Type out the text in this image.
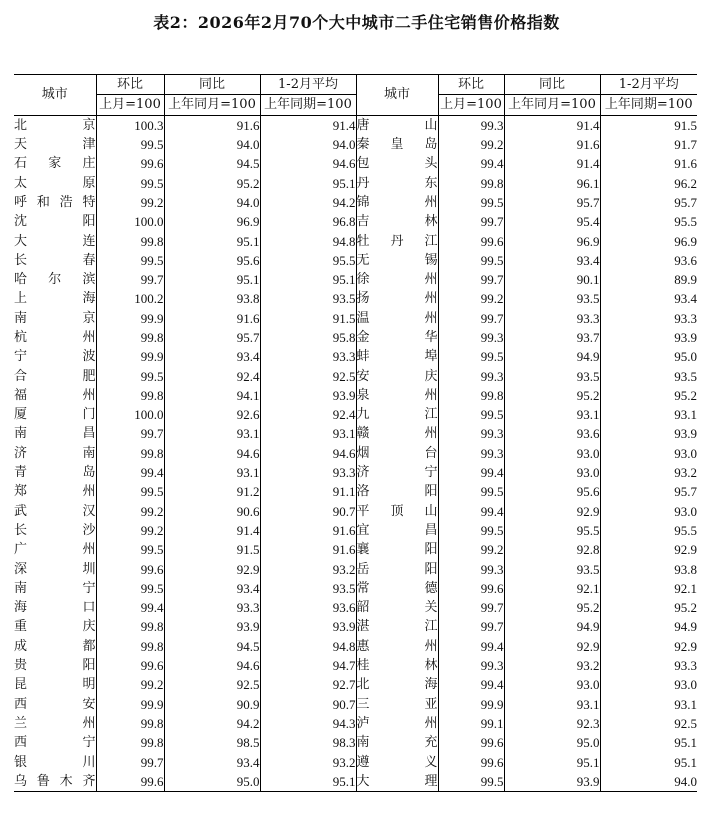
表2：2026年2月70个大中城市二手住宅销售价格指数
城市	环比	同比	1-2月平均	城市	环比	同比	1-2月平均
	上月=100	上年同月=100	上年同期=100		上月=100	上年同月=100	上年同期=100
北京	100.3	91.6	91.4	唐山	99.3	91.4	91.5
天津	99.5	94.0	94.0	秦皇岛	99.2	91.6	91.7
石家庄	99.6	94.5	94.6	包头	99.4	91.4	91.6
太原	99.5	95.2	95.1	丹东	99.8	96.1	96.2
呼和浩特	99.2	94.0	94.2	锦州	99.5	95.7	95.7
沈阳	100.0	96.9	96.8	吉林	99.7	95.4	95.5
大连	99.8	95.1	94.8	牡丹江	99.6	96.9	96.9
长春	99.5	95.6	95.5	无锡	99.5	93.4	93.6
哈尔滨	99.7	95.1	95.1	徐州	99.7	90.1	89.9
上海	100.2	93.8	93.5	扬州	99.2	93.5	93.4
南京	99.9	91.6	91.5	温州	99.7	93.3	93.3
杭州	99.8	95.7	95.8	金华	99.3	93.7	93.9
宁波	99.9	93.4	93.3	蚌埠	99.5	94.9	95.0
合肥	99.5	92.4	92.5	安庆	99.3	93.5	93.5
福州	99.8	94.1	93.9	泉州	99.8	95.2	95.2
厦门	100.0	92.6	92.4	九江	99.5	93.1	93.1
南昌	99.7	93.1	93.1	赣州	99.3	93.6	93.9
济南	99.8	94.6	94.6	烟台	99.3	93.0	93.0
青岛	99.4	93.1	93.3	济宁	99.4	93.0	93.2
郑州	99.5	91.2	91.1	洛阳	99.5	95.6	95.7
武汉	99.2	90.6	90.7	平顶山	99.4	92.9	93.0
长沙	99.2	91.4	91.6	宜昌	99.5	95.5	95.5
广州	99.5	91.5	91.6	襄阳	99.2	92.8	92.9
深圳	99.6	92.9	93.2	岳阳	99.3	93.5	93.8
南宁	99.5	93.4	93.5	常德	99.6	92.1	92.1
海口	99.4	93.3	93.6	韶关	99.7	95.2	95.2
重庆	99.8	93.9	93.9	湛江	99.7	94.9	94.9
成都	99.8	94.5	94.8	惠州	99.4	92.9	92.9
贵阳	99.6	94.6	94.7	桂林	99.3	93.2	93.3
昆明	99.2	92.5	92.7	北海	99.4	93.0	93.0
西安	99.9	90.9	90.7	三亚	99.9	93.1	93.1
兰州	99.8	94.2	94.3	泸州	99.1	92.3	92.5
西宁	99.8	98.5	98.3	南充	99.6	95.0	95.1
银川	99.7	93.4	93.2	遵义	99.6	95.1	95.1
乌鲁木齐	99.6	95.0	95.1	大理	99.5	93.9	94.0
